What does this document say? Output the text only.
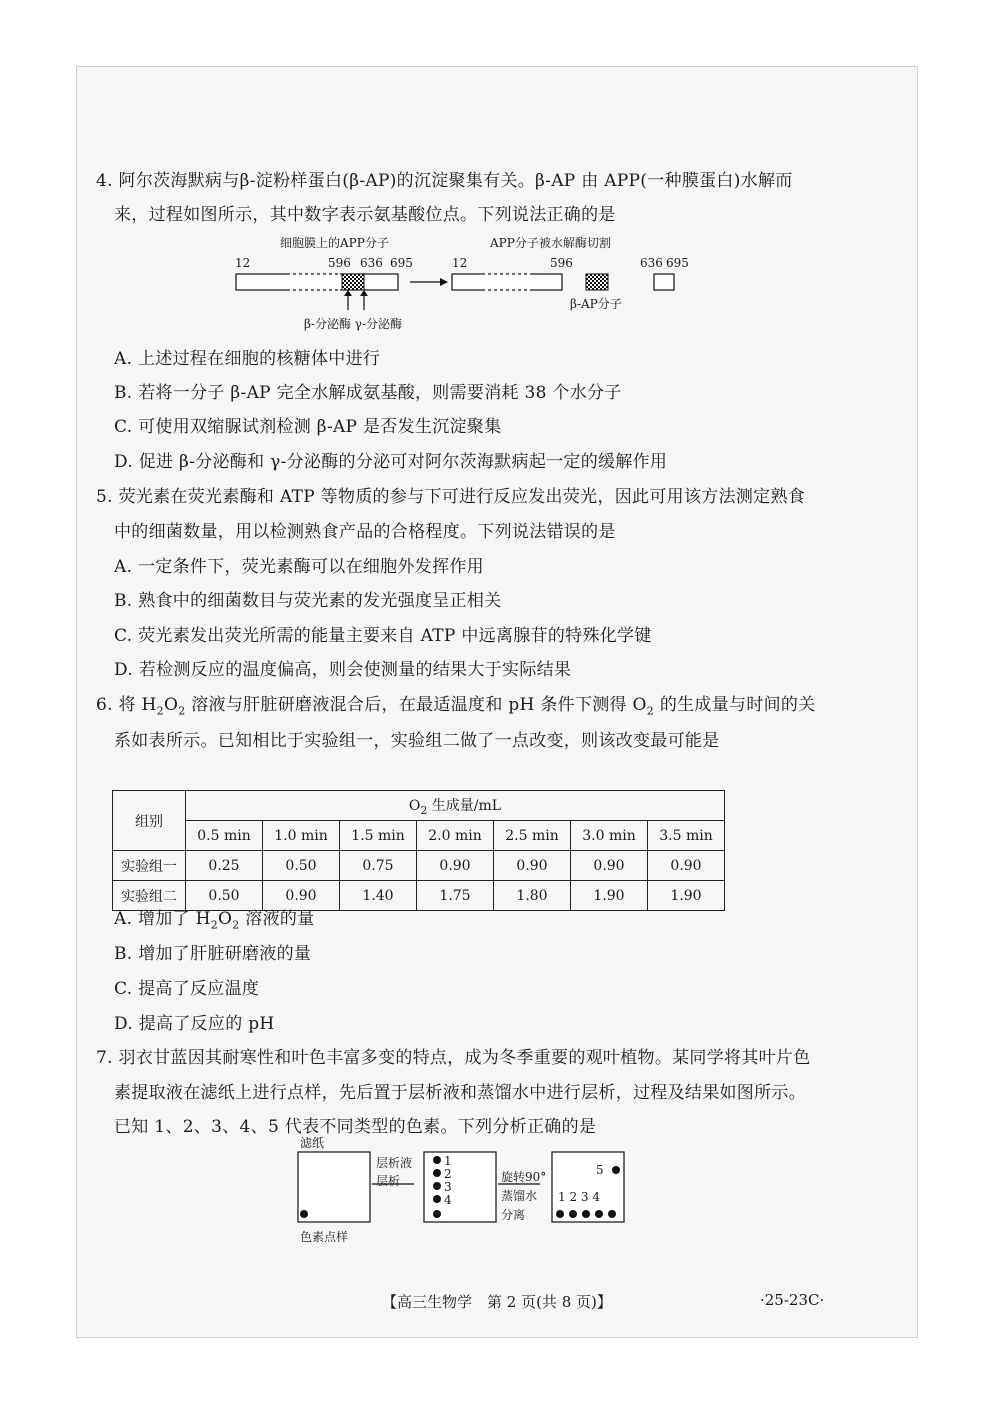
4. 阿尔茨海默病与β-淀粉样蛋白(β-AP)的沉淀聚集有关。β-AP 由 APP(一种膜蛋白)水解而
来，过程如图所示，其中数字表示氨基酸位点。下列说法正确的是
细胞膜上的APP分子	APP分子被水解酶切割
12	596 636 695	12	596	636 695
β-分泌酶 γ-分泌酶
β-AP分子
A. 上述过程在细胞的核糖体中进行
B. 若将一分子 β-AP 完全水解成氨基酸，则需要消耗 38 个水分子
C. 可使用双缩脲试剂检测 β-AP 是否发生沉淀聚集
D. 促进 β-分泌酶和 γ-分泌酶的分泌可对阿尔茨海默病起一定的缓解作用
5. 荧光素在荧光素酶和 ATP 等物质的参与下可进行反应发出荧光，因此可用该方法测定熟食
中的细菌数量，用以检测熟食产品的合格程度。下列说法错误的是
A. 一定条件下，荧光素酶可以在细胞外发挥作用
B. 熟食中的细菌数目与荧光素的发光强度呈正相关
C. 荧光素发出荧光所需的能量主要来自 ATP 中远离腺苷的特殊化学键
D. 若检测反应的温度偏高，则会使测量的结果大于实际结果
6. 将 $H_2O_2$ 溶液与肝脏研磨液混合后，在最适温度和 pH 条件下测得 $O_2$ 的生成量与时间的关
系如表所示。已知相比于实验组一，实验组二做了一点改变，则该改变最可能是
组别	$O_2$ 生成量/mL						
	0.5 min	1.0 min	1.5 min	2.0 min	2.5 min	3.0 min	3.5 min
实验组一	0.25	0.50	0.75	0.90	0.90	0.90	0.90
实验组二	0.50	0.90	1.40	1.75	1.80	1.90	1.90
A. 增加了 $H_2O_2$ 溶液的量
B. 增加了肝脏研磨液的量
C. 提高了反应温度
D. 提高了反应的 pH
7. 羽衣甘蓝因其耐寒性和叶色丰富多变的特点，成为冬季重要的观叶植物。某同学将其叶片色
素提取液在滤纸上进行点样，先后置于层析液和蒸馏水中进行层析，过程及结果如图所示。
已知 1、2、3、4、5 代表不同类型的色素。下列分析正确的是
滤纸
层析液
层析
1
2
3
4
旋转90°
蒸馏水
分离
5
1 2 3 4
色素点样
【高三生物学　第 2 页(共 8 页)】	·25-23C·
